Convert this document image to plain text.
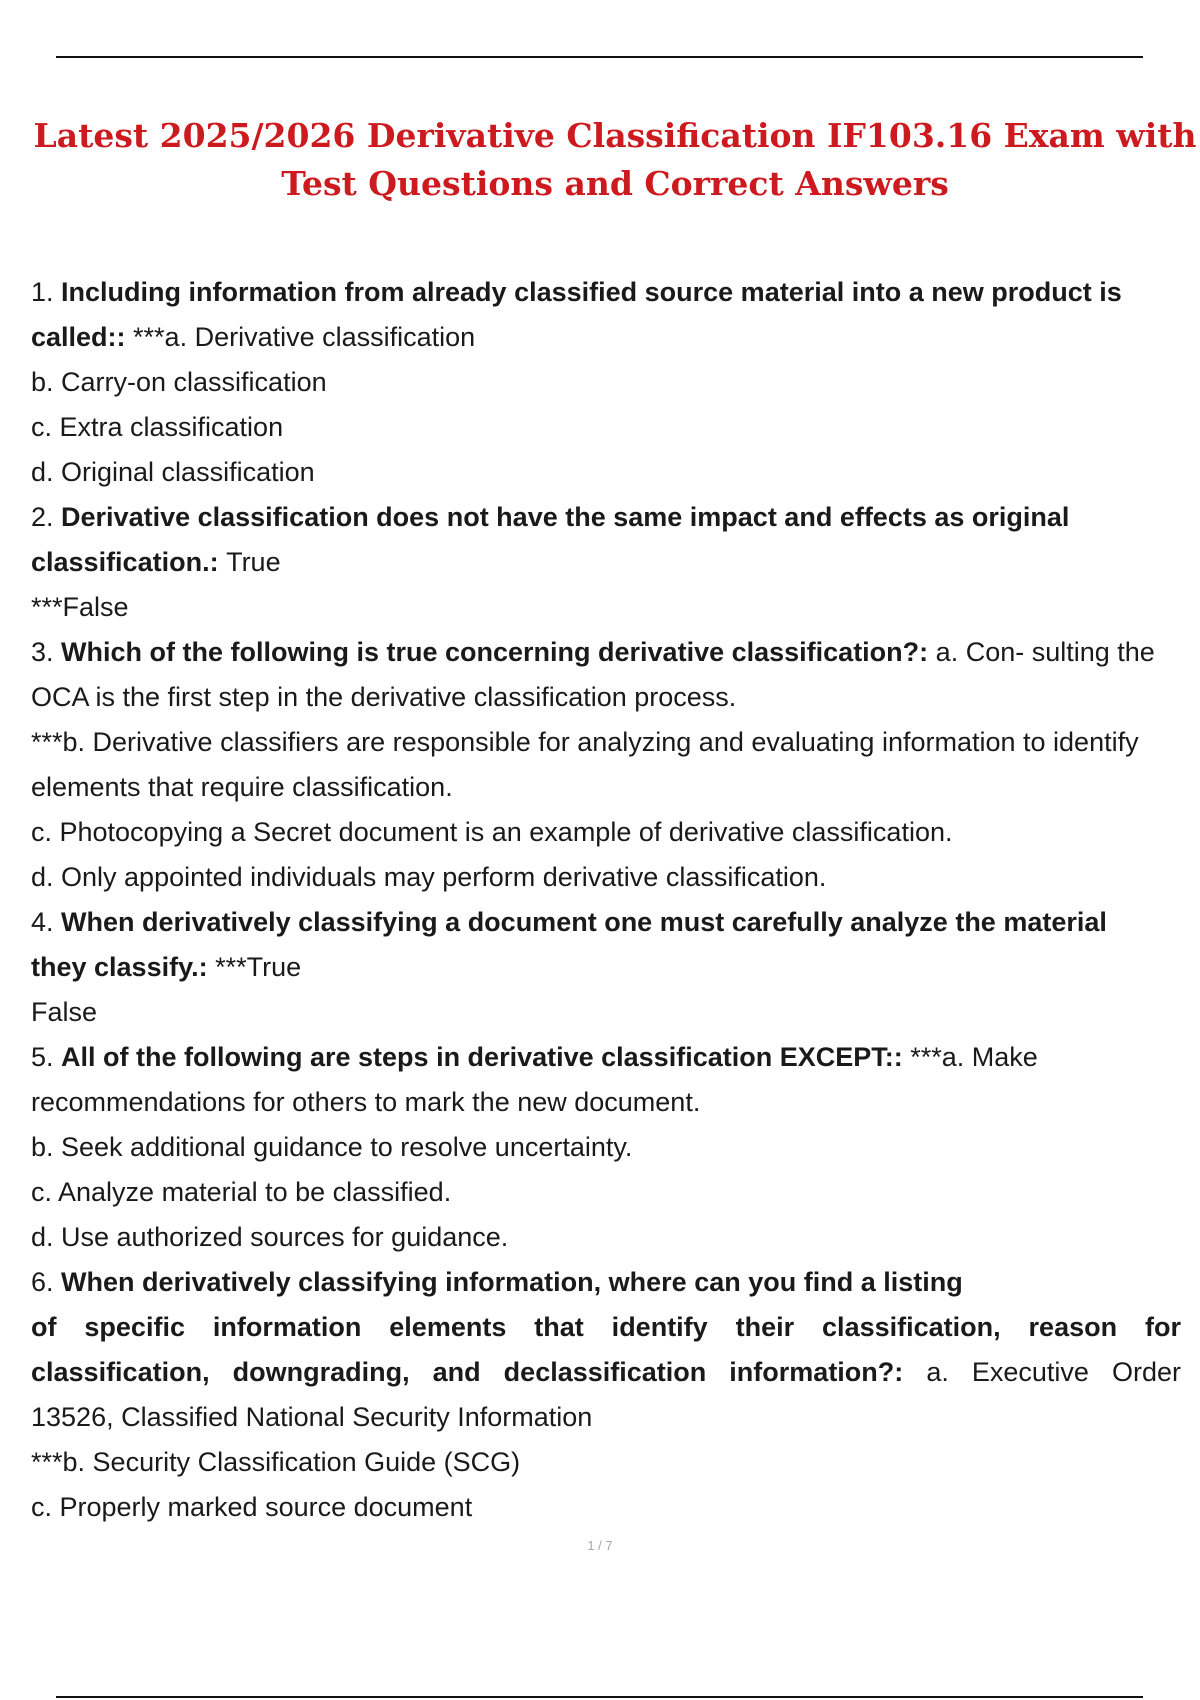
Latest 2025/2026 Derivative Classification IF103.16 Exam with Test Questions and Correct Answers

1. Including information from already classified source material into a new product is

called:: ***a. Derivative classification

b. Carry-on classification

c. Extra classification

d. Original classification

2. Derivative classification does not have the same impact and effects as original

classification.: True

***False

3. Which of the following is true concerning derivative classification?: a. Con- sulting the

OCA is the first step in the derivative classification process.

***b. Derivative classifiers are responsible for analyzing and evaluating information to identify

elements that require classification.

c. Photocopying a Secret document is an example of derivative classification.

d. Only appointed individuals may perform derivative classification.

4. When derivatively classifying a document one must carefully analyze the material

they classify.: ***True

False

5. All of the following are steps in derivative classification EXCEPT:: ***a. Make

recommendations for others to mark the new document.

b. Seek additional guidance to resolve uncertainty.

c. Analyze material to be classified.

d. Use authorized sources for guidance.

6. When derivatively classifying information, where can you find a listing

of specific information elements that identify their classification, reason for

classification, downgrading, and declassification information?: a. Executive Order

13526, Classified National Security Information

***b. Security Classification Guide (SCG)

c. Properly marked source document

1 / 7
